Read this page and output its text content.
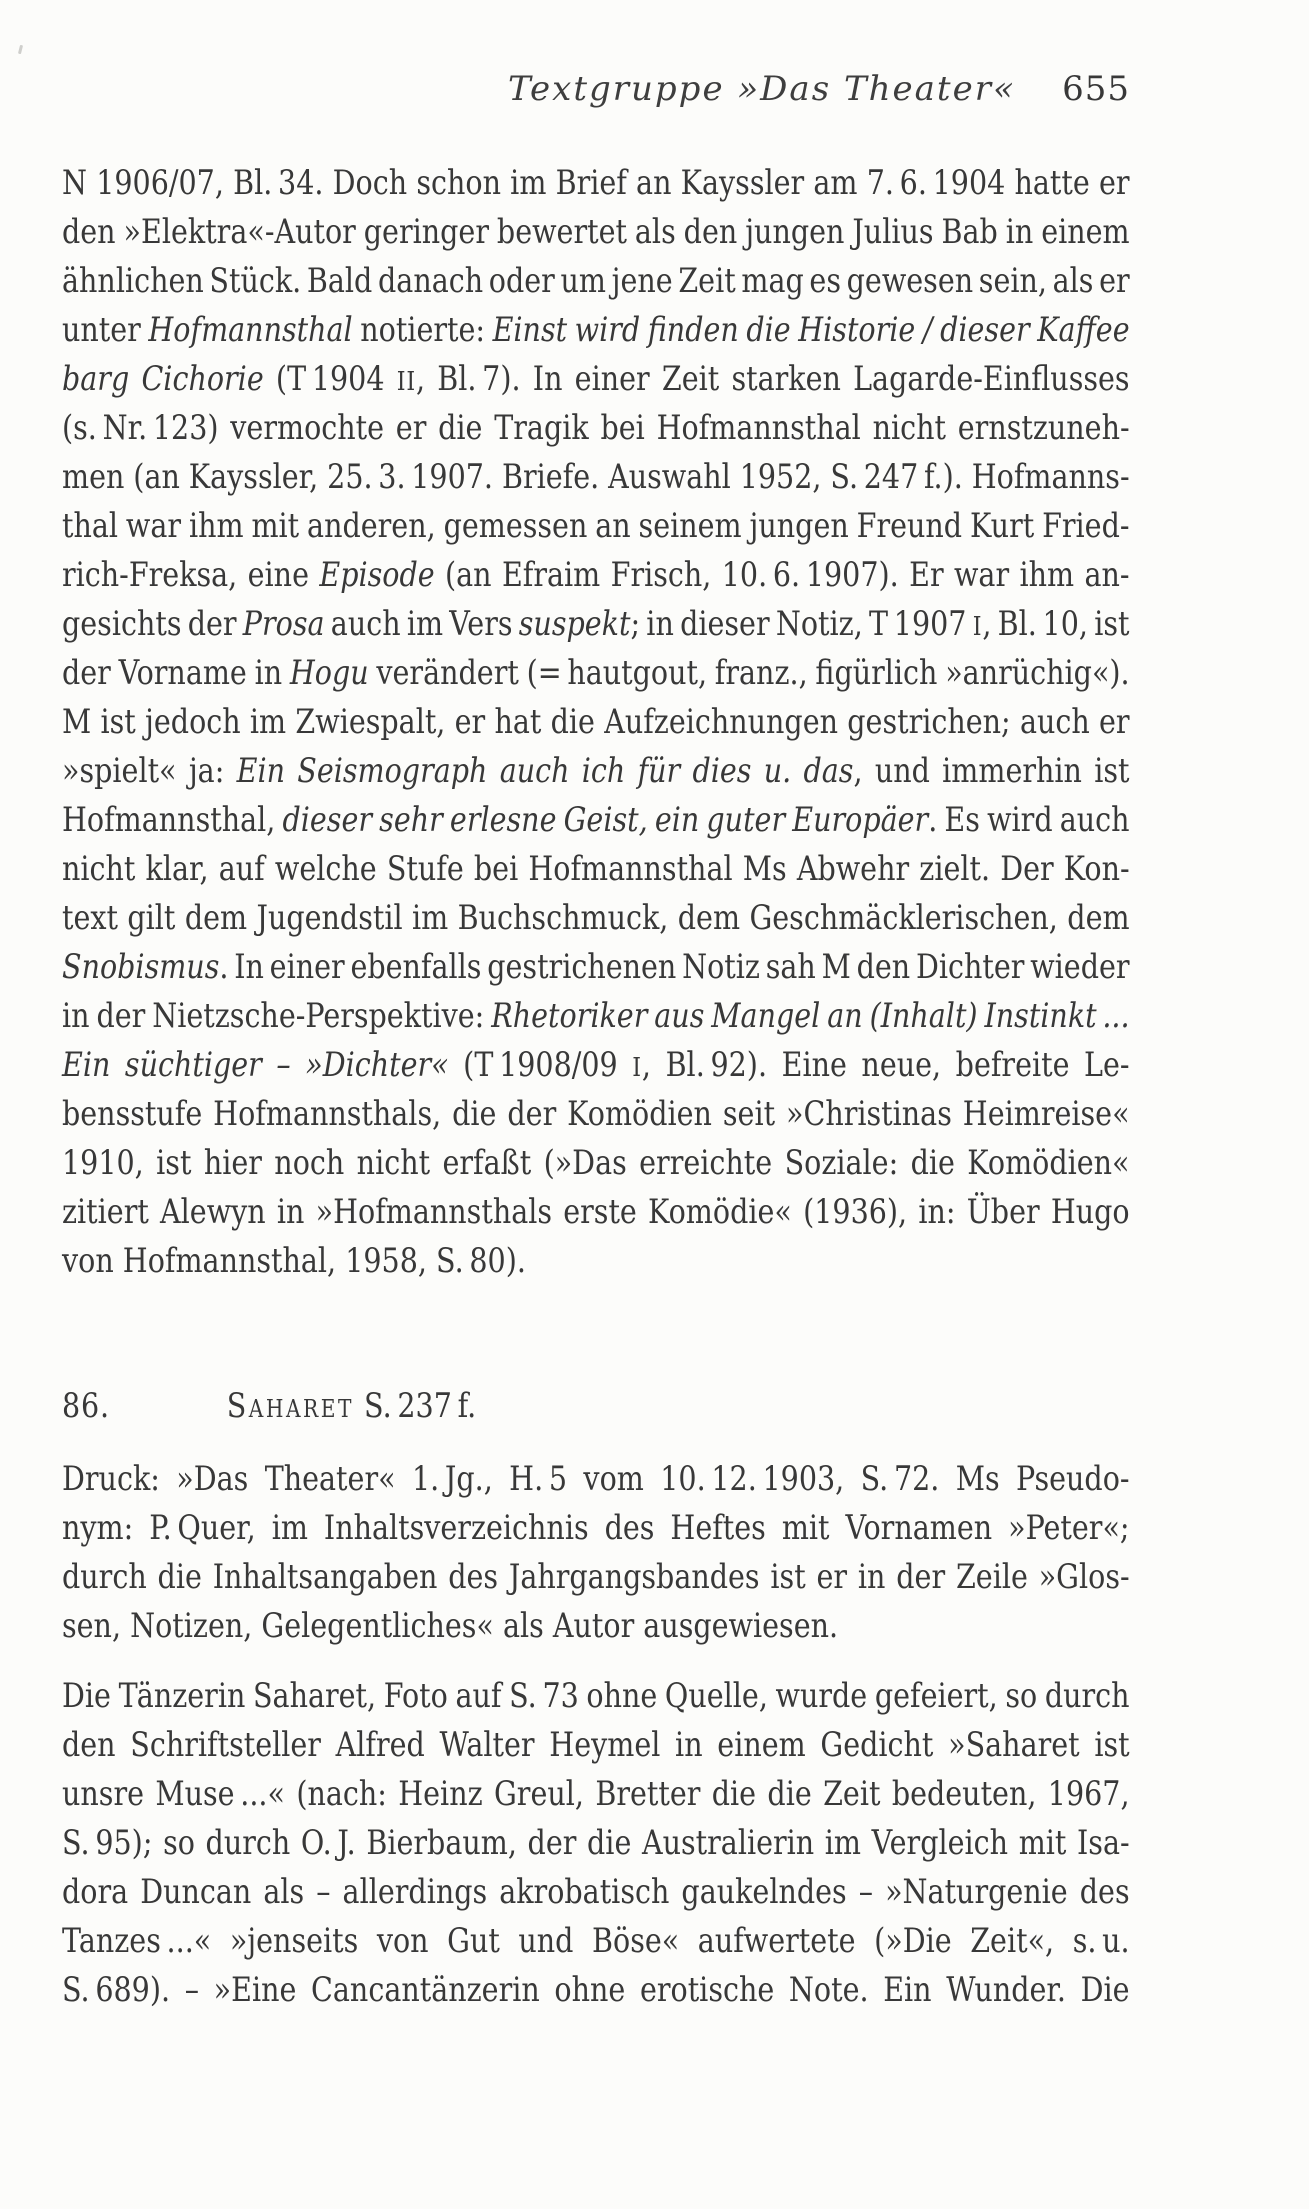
Textgruppe »Das Theater« 655
N 1906/07, Bl. 34. Doch schon im Brief an Kayssler am 7. 6. 1904 hatte er
den »Elektra«-Autor geringer bewertet als den jungen Julius Bab in einem
ähnlichen Stück. Bald danach oder um jene Zeit mag es gewesen sein, als er
unter Hofmannsthal notierte: Einst wird finden die Historie / dieser Kaffee
barg Cichorie (T 1904 II, Bl. 7). In einer Zeit starken Lagarde-Einflusses
(s. Nr. 123) vermochte er die Tragik bei Hofmannsthal nicht ernstzuneh-
men (an Kayssler, 25. 3. 1907. Briefe. Auswahl 1952, S. 247 f.). Hofmanns-
thal war ihm mit anderen, gemessen an seinem jungen Freund Kurt Fried-
rich-Freksa, eine Episode (an Efraim Frisch, 10. 6. 1907). Er war ihm an-
gesichts der Prosa auch im Vers suspekt; in dieser Notiz, T 1907 I, Bl. 10, ist
der Vorname in Hogu verändert (= hautgout, franz., figürlich »anrüchig«).
M ist jedoch im Zwiespalt, er hat die Aufzeichnungen gestrichen; auch er
»spielt« ja: Ein Seismograph auch ich für dies u. das, und immerhin ist
Hofmannsthal, dieser sehr erlesne Geist, ein guter Europäer. Es wird auch
nicht klar, auf welche Stufe bei Hofmannsthal Ms Abwehr zielt. Der Kon-
text gilt dem Jugendstil im Buchschmuck, dem Geschmäcklerischen, dem
Snobismus. In einer ebenfalls gestrichenen Notiz sah M den Dichter wieder
in der Nietzsche-Perspektive: Rhetoriker aus Mangel an (Inhalt) Instinkt ...
Ein süchtiger – »Dichter« (T 1908/09 I, Bl. 92). Eine neue, befreite Le-
bensstufe Hofmannsthals, die der Komödien seit »Christinas Heimreise«
1910, ist hier noch nicht erfaßt (»Das erreichte Soziale: die Komödien«
zitiert Alewyn in »Hofmannsthals erste Komödie« (1936), in: Über Hugo
von Hofmannsthal, 1958, S. 80).
86.	Saharet S. 237 f.
Druck: »Das Theater« 1. Jg., H. 5 vom 10. 12. 1903, S. 72. Ms Pseudo-
nym: P. Quer, im Inhaltsverzeichnis des Heftes mit Vornamen »Peter«;
durch die Inhaltsangaben des Jahrgangsbandes ist er in der Zeile »Glos-
sen, Notizen, Gelegentliches« als Autor ausgewiesen.
Die Tänzerin Saharet, Foto auf S. 73 ohne Quelle, wurde gefeiert, so durch
den Schriftsteller Alfred Walter Heymel in einem Gedicht »Saharet ist
unsre Muse ...« (nach: Heinz Greul, Bretter die die Zeit bedeuten, 1967,
S. 95); so durch O. J. Bierbaum, der die Australierin im Vergleich mit Isa-
dora Duncan als – allerdings akrobatisch gaukelndes – »Naturgenie des
Tanzes ...« »jenseits von Gut und Böse« aufwertete (»Die Zeit«, s. u.
S. 689). – »Eine Cancantänzerin ohne erotische Note. Ein Wunder. Die
